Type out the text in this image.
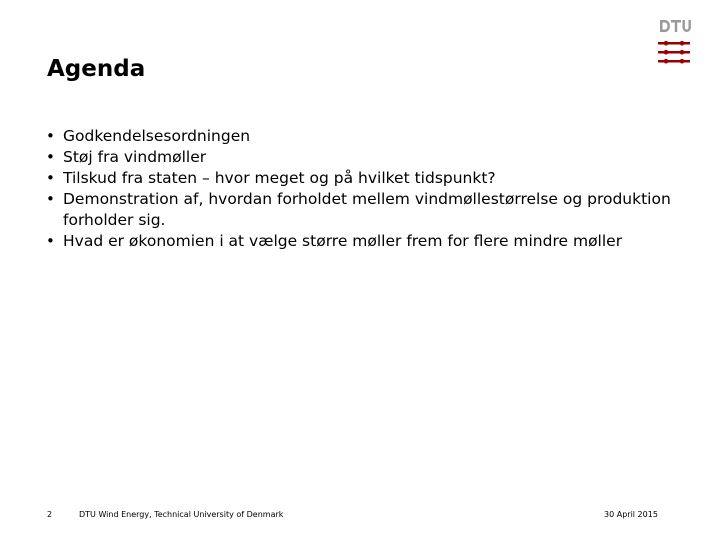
Agenda
• Godkendelsesordningen
• Støj fra vindmøller
• Tilskud fra staten – hvor meget og på hvilket tidspunkt?
• Demonstration af, hvordan forholdet mellem vindmøllestørrelse og produktion forholder sig.
• Hvad er økonomien i at vælge større møller frem for flere mindre møller
2	DTU Wind Energy, Technical University of Denmark	30 April 2015
